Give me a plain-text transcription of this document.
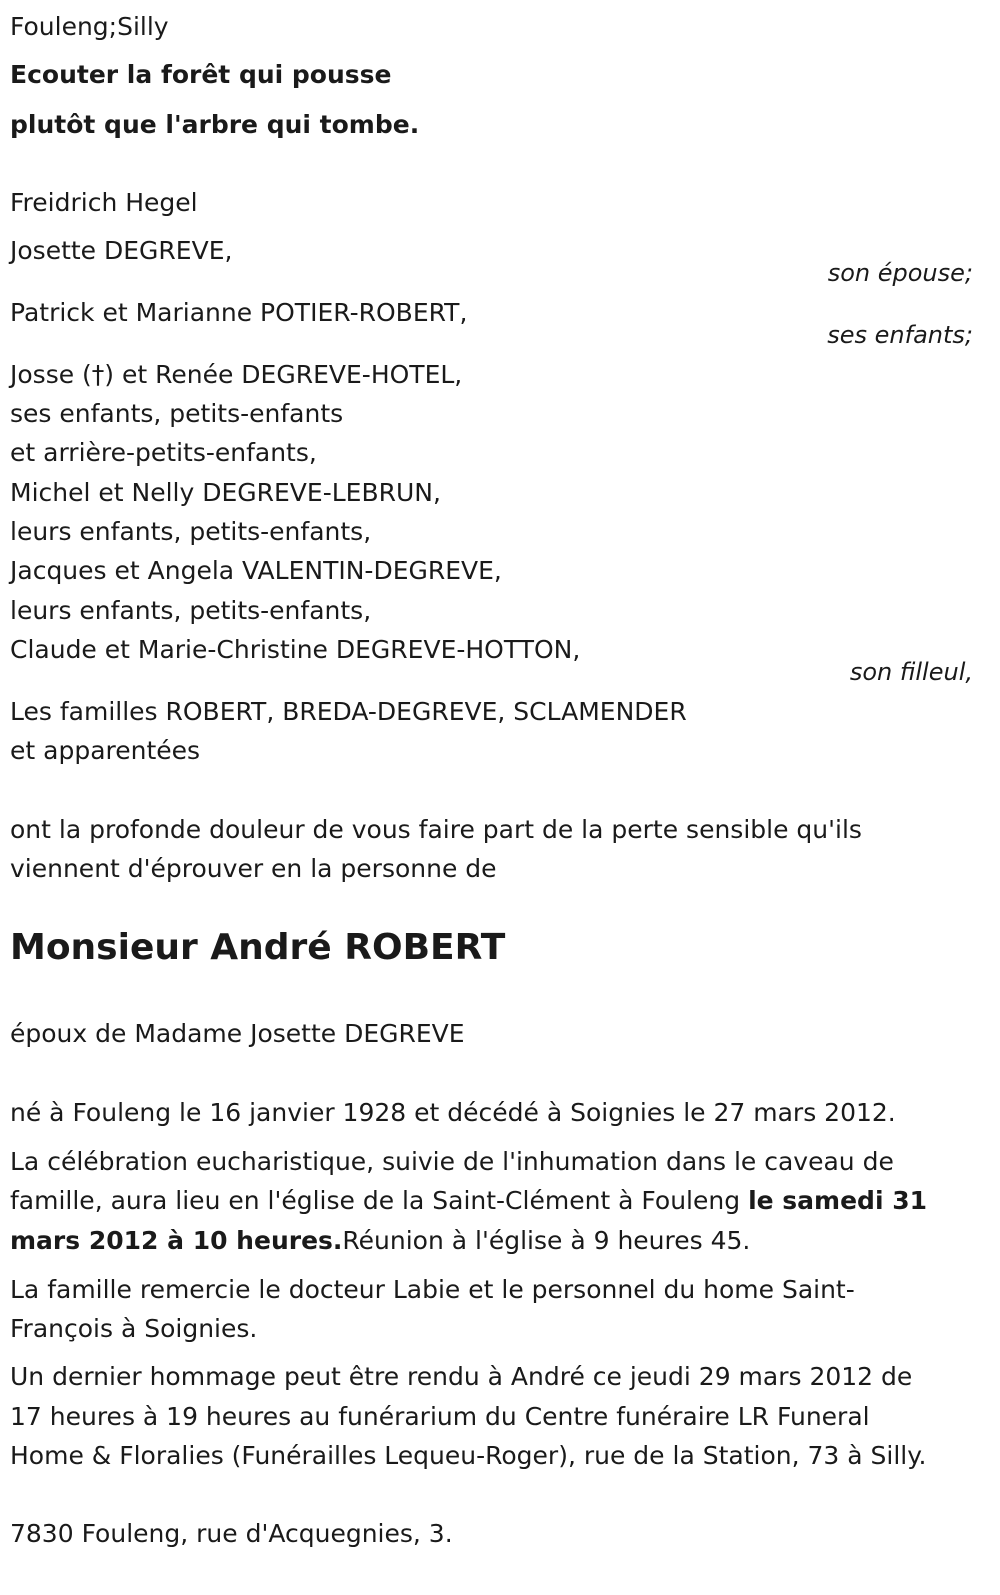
Fouleng;Silly
Ecouter la forêt qui pousse
plutôt que l'arbre qui tombe.
Freidrich Hegel
Josette DEGREVE,
son épouse;
Patrick et Marianne POTIER-ROBERT,
ses enfants;
Josse (†) et Renée DEGREVE-HOTEL,
ses enfants, petits-enfants
et arrière-petits-enfants,
Michel et Nelly DEGREVE-LEBRUN,
leurs enfants, petits-enfants,
Jacques et Angela VALENTIN-DEGREVE,
leurs enfants, petits-enfants,
Claude et Marie-Christine DEGREVE-HOTTON,
son filleul,
Les familles ROBERT, BREDA-DEGREVE, SCLAMENDER
et apparentées
ont la profonde douleur de vous faire part de la perte sensible qu'ils
viennent d'éprouver en la personne de
Monsieur André ROBERT
époux de Madame Josette DEGREVE
né à Fouleng le 16 janvier 1928 et décédé à Soignies le 27 mars 2012.
La célébration eucharistique, suivie de l'inhumation dans le caveau de
famille, aura lieu en l'église de la Saint-Clément à Fouleng le samedi 31
mars 2012 à 10 heures.Réunion à l'église à 9 heures 45.
La famille remercie le docteur Labie et le personnel du home Saint-
François à Soignies.
Un dernier hommage peut être rendu à André ce jeudi 29 mars 2012 de
17 heures à 19 heures au funérarium du Centre funéraire LR Funeral
Home & Floralies (Funérailles Lequeu-Roger), rue de la Station, 73 à Silly.
7830 Fouleng, rue d'Acquegnies, 3.
